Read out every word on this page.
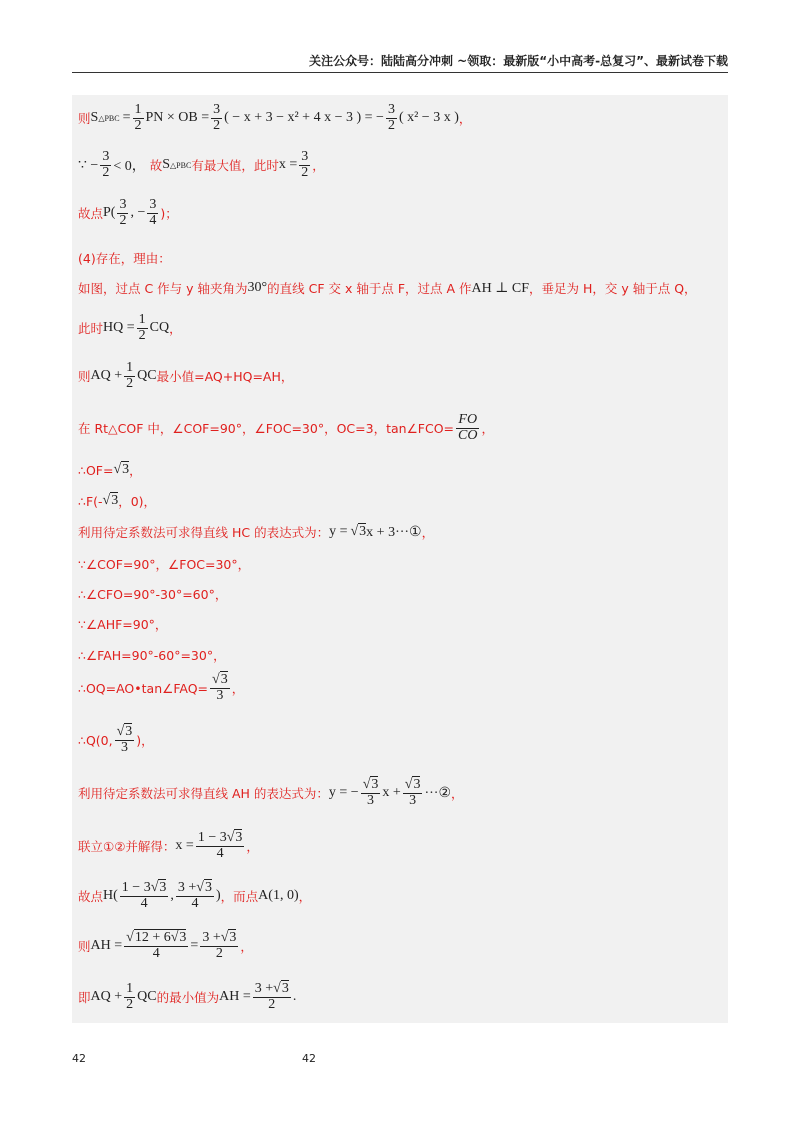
关注公众号：陆陆高分冲刺 ~领取：最新版“小中高考-总复习”、最新试卷下载
则 S △PBC = $\frac{1}{2}$ PN × OB = $\frac{3}{2}$ ( − x + 3 − x² + 4 x − 3 ) = − $\frac{3}{2}$ ( x² − 3 x ) ，
∵ − $\frac{3}{2} < 0$， 故 S △PBC 有最大值，此时 $x = \frac{3}{2}$ ，
故点 $P( \frac{3}{2}$ , − $\frac{3}{4}$ )；
(4)存在，理由：
如图，过点 C 作与 y 轴夹角为 30° 的直线 CF 交 x 轴于点 F，过点 A 作 AH ⊥ CF ，垂足为 H，交 y 轴于点 Q，
此时 HQ = $\frac{1}{2}$ CQ ，
则 AQ + $\frac{1}{2}$ QC 最小值=AQ+HQ=AH，
在 Rt△COF 中，∠COF=90°，∠FOC=30°，OC=3，tan∠FCO= $\frac{FO}{CO}$ ，
∴OF= √3 ，
∴F(- √3 ，0)，
利用待定系数法可求得直线 HC 的表达式为： y = √3 x + 3···① ，
∵∠COF=90°，∠FOC=30°，
∴∠CFO=90°-30°=60°，
∵∠AHF=90°，
∴∠FAH=90°-60°=30°，
∴OQ=AO•tan∠FAQ= $\frac{√3}{3}$ ，
∴Q(0, $\frac{√3}{3}$ )，
利用待定系数法可求得直线 AH 的表达式为： y = − $\frac{√3}{3}$ $x + \frac{√3}{3}$ ···② ，
联立①②并解得： $x = \frac{1 - 3√3}{4}$ ，
故点 $H( \frac{1 - 3√3}{4}$ , $\frac{3 +√3}{4}$ ) ，而点 A(1, 0) ，
则 AH = $\frac{√12 + 6√3}{4} = \frac{3 +√3}{2}$ ，
即 AQ + $\frac{1}{2}$ QC 的最小值为 AH = $\frac{3 +√3}{2}$ .
42	42
